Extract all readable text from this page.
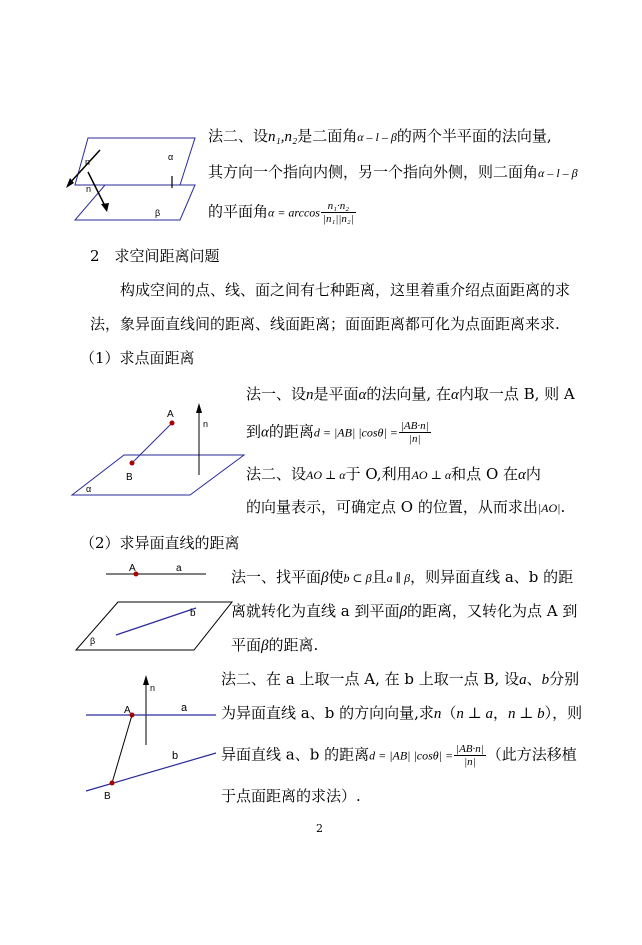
n
n
α
β
法二、设n₁,n₂是二面角α – l – β的两个半平面的法向量,
其方向一个指向内侧，另一个指向外侧，则二面角α – l – β
的平面角$\alpha = \arccos \frac{\text{n₁·n₂}}{\text{|n₁||n₂|}}$
2　求空间距离问题
构成空间的点、线、面之间有七种距离，这里着重介绍点面距离的求
法，象异面直线间的距离、线面距离；面面距离都可化为点面距离来求.
（1）求点面距离
A
B
n
α
法一、设n是平面α的法向量, 在α内取一点 B, 则 A
到α的距离d = |AB| $|\cos\theta| = \frac{|AB\cdot n|}{|n|}$
法二、设AO ⊥ α于 O,利用AO ⊥ α和点 O 在α内
的向量表示，可确定点 O 的位置，从而求出|AO|.
（2）求异面直线的距离
A	a
b
β
法一、找平面β使b ⊂ β且a ∥ β，则异面直线 a、b 的距
离就转化为直线 a 到平面β的距离，又转化为点 A 到
平面β的距离.
n
a
A
b
B
法二、在 a 上取一点 A, 在 b 上取一点 B, 设a、b分别
为异面直线 a、b 的方向向量,求n（n ⊥ a，n ⊥ b），则
异面直线 a、b 的距离d = |AB| $|\cos\theta| = \frac{|AB\cdot n|}{|n|}$ （此方法移植
于点面距离的求法）.
2
